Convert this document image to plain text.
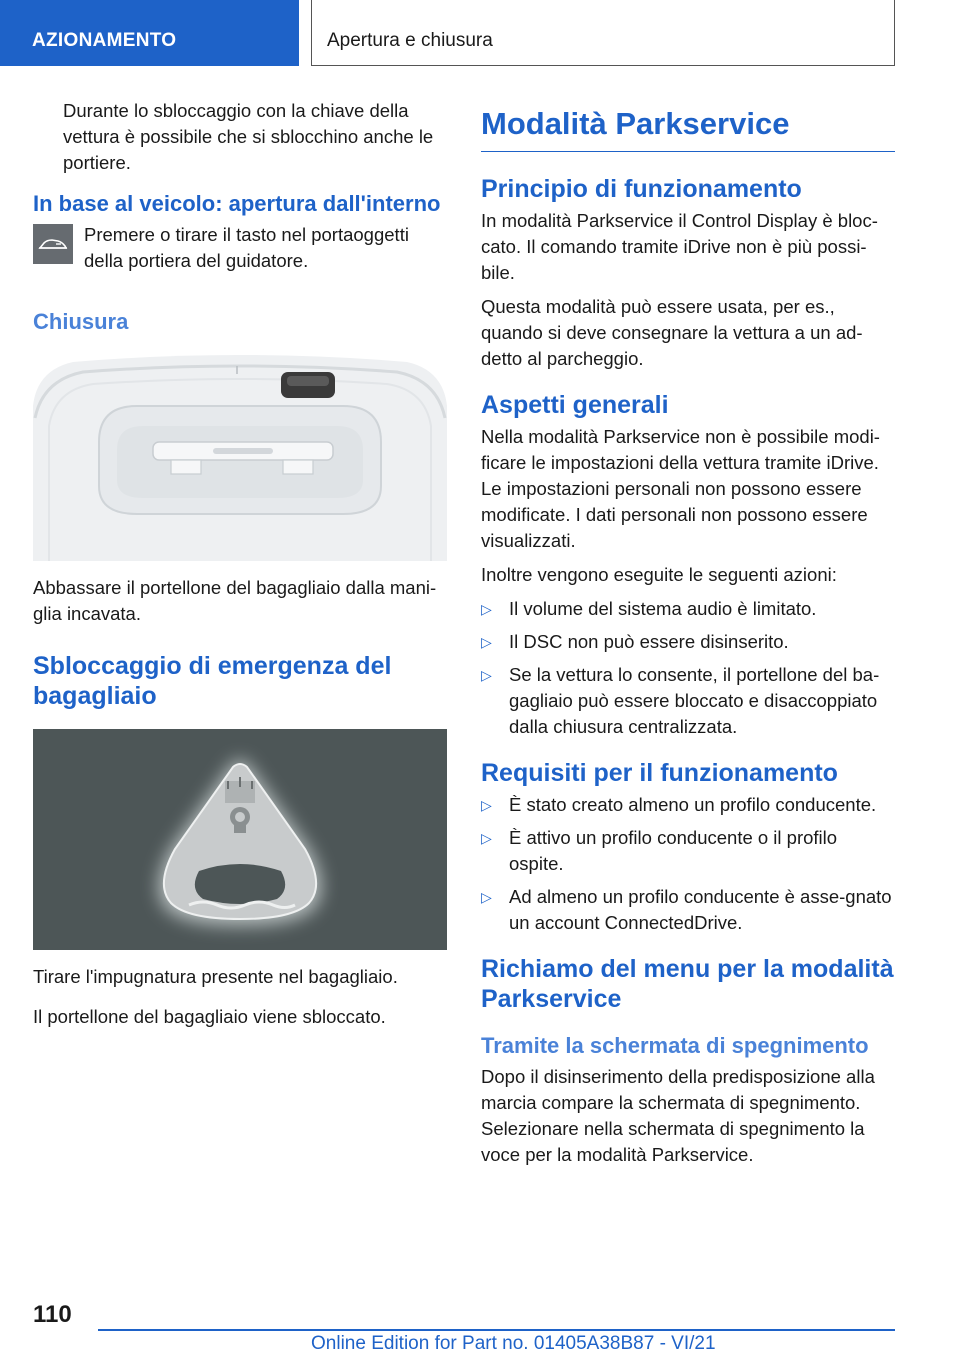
AZIONAMENTO	Apertura e chiusura

Durante lo sbloccaggio con la chiave della vettura è possibile che si sblocchino anche le portiere.

In base al veicolo: apertura dall'interno

Premere o tirare il tasto nel portaoggetti della portiera del guidatore.

Chiusura

Abbassare il portellone del bagagliaio dalla mani-glia incavata.

Sbloccaggio di emergenza del bagagliaio

Tirare l'impugnatura presente nel bagagliaio.

Il portellone del bagagliaio viene sbloccato.

Modalità Parkservice
Principio di funzionamento

In modalità Parkservice il Control Display è bloc-cato. Il comando tramite iDrive non è più possi-bile.

Questa modalità può essere usata, per es., quando si deve consegnare la vettura a un ad-detto al parcheggio.

Aspetti generali

Nella modalità Parkservice non è possibile modi-ficare le impostazioni della vettura tramite iDrive. Le impostazioni personali non possono essere modificate. I dati personali non possono essere visualizzati.

Inoltre vengono eseguite le seguenti azioni:

▷ Il volume del sistema audio è limitato.
▷ Il DSC non può essere disinserito.
▷ Se la vettura lo consente, il portellone del ba-gagliaio può essere bloccato e disaccoppiato dalla chiusura centralizzata.
Requisiti per il funzionamento
▷ È stato creato almeno un profilo conducente.
▷ È attivo un profilo conducente o il profilo ospite.
▷ Ad almeno un profilo conducente è asse-gnato un account ConnectedDrive.
Richiamo del menu per la modalità Parkservice
Tramite la schermata di spegnimento

Dopo il disinserimento della predisposizione alla marcia compare la schermata di spegnimento. Selezionare nella schermata di spegnimento la voce per la modalità Parkservice.

110
Online Edition for Part no. 01405A38B87 - VI/21
